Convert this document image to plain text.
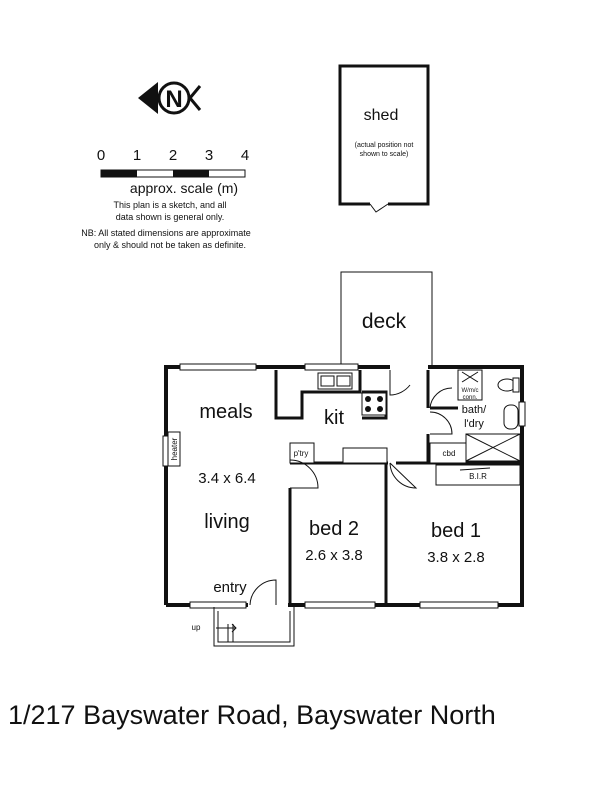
N
0 1 2 3 4
approx. scale (m)
This plan is a sketch, and all
data shown is general only.
NB: All stated dimensions are approximate
only & should not be taken as definite.
shed
(actual position not
shown to scale)
deck
p'try
W/m/c
conn.
bath/
l'dry
cbd
B.I.R
up
heater
meals	kit
3.4 x 6.4
living	bed 2
2.6 x 3.8
bed 1
3.8 x 2.8
entry
1/217 Bayswater Road, Bayswater North
